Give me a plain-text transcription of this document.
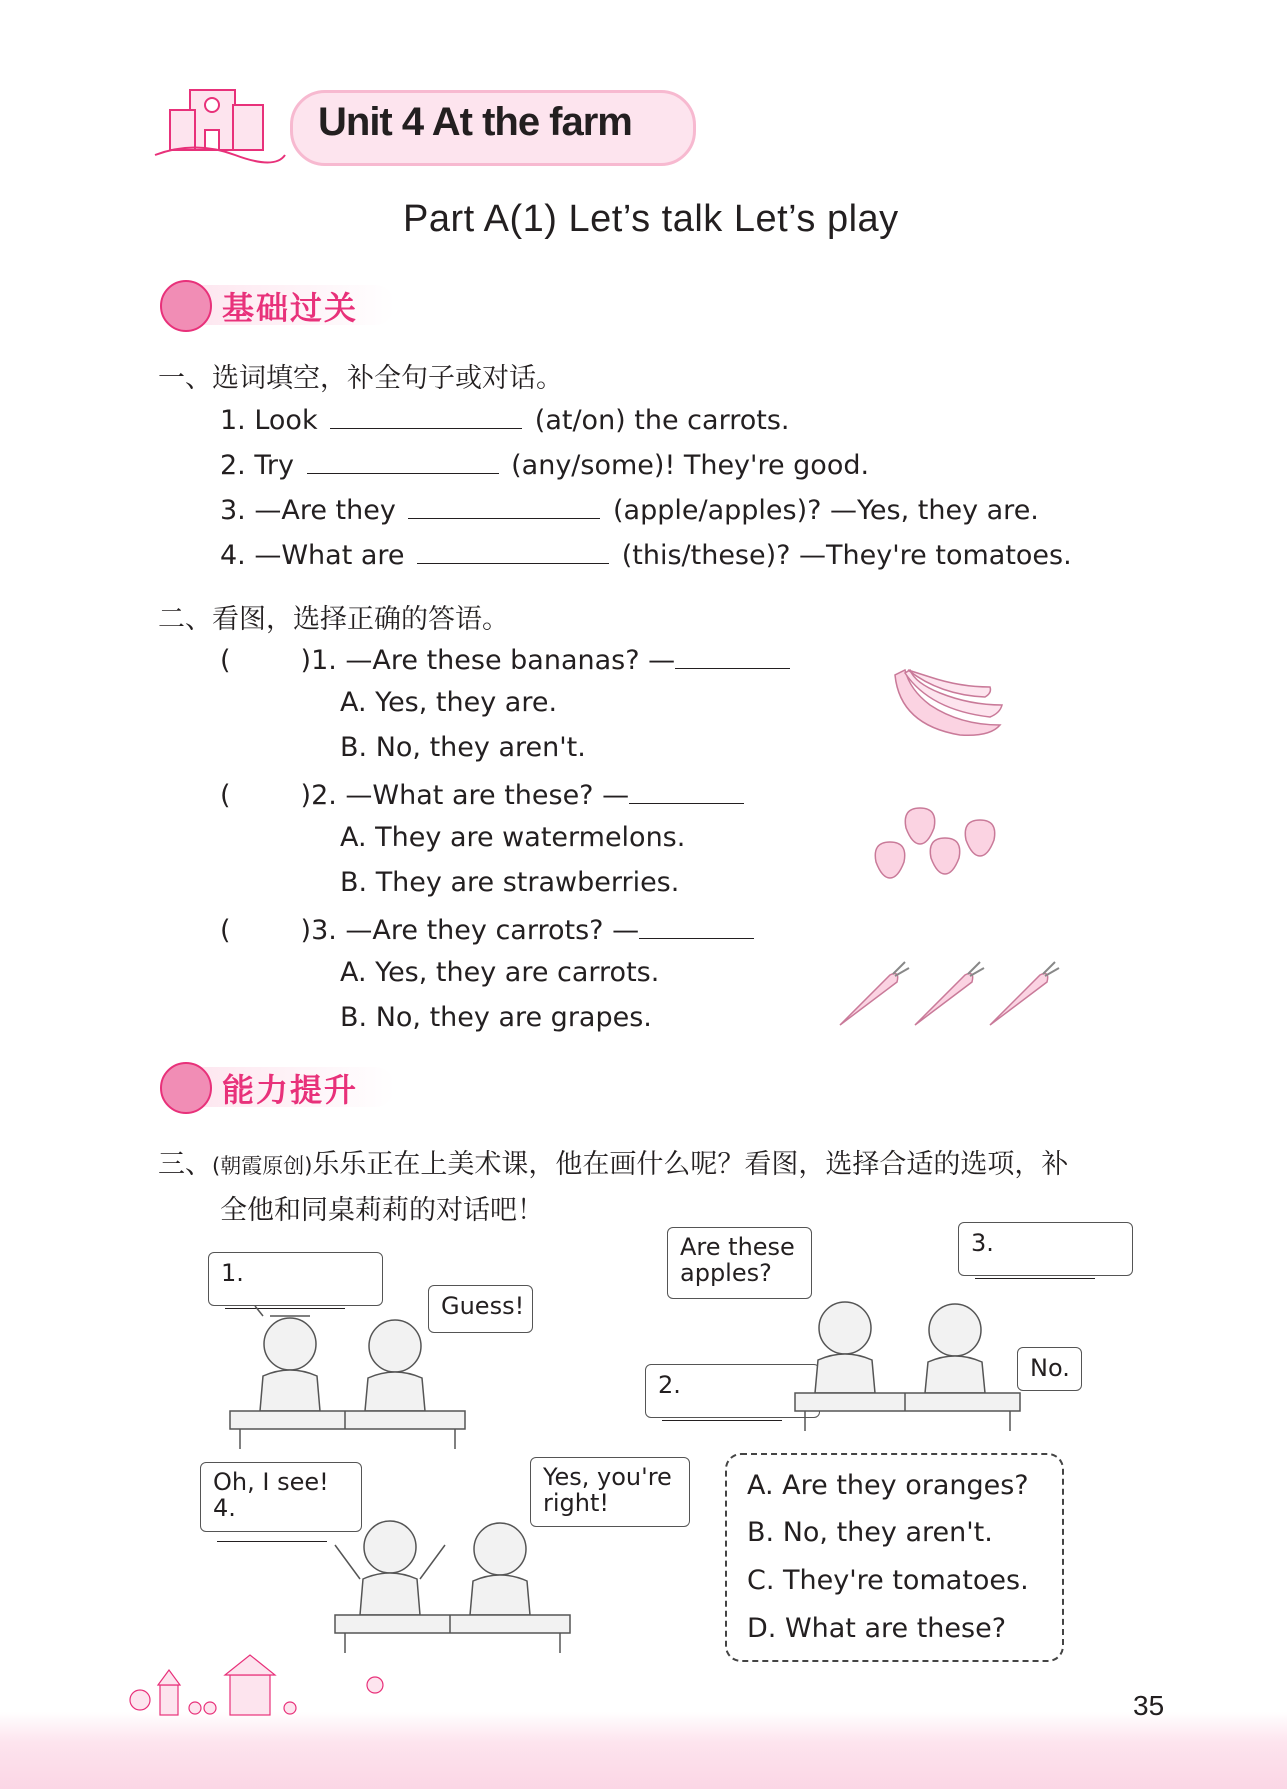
Unit 4 At the farm
Part A(1) Let’s talk Let’s play
基础过关
一、选词填空，补全句子或对话。
1. Look	(at/on) the carrots.
2. Try	(any/some)! They're good.
3. —Are they	(apple/apples)? —Yes, they are.
4. —What are	(this/these)? —They're tomatoes.
二、看图，选择正确的答语。
(	)1. —Are these bananas? —
A. Yes, they are.
B. No, they aren't.
(	)2. —What are these? —
A. They are watermelons.
B. They are strawberries.
(	)3. —Are they carrots? —
A. Yes, they are carrots.
B. No, they are grapes.
能力提升
三、(朝霞原创)乐乐正在上美术课，他在画什么呢？看图，选择合适的选项，补
全他和同桌莉莉的对话吧！
1.
Guess!
Are these apples?
3.
2.
No.
Oh, I see!
4.
Yes, you're right!
A. Are they oranges?
B. No, they aren't.
C. They're tomatoes.
D. What are these?
35
